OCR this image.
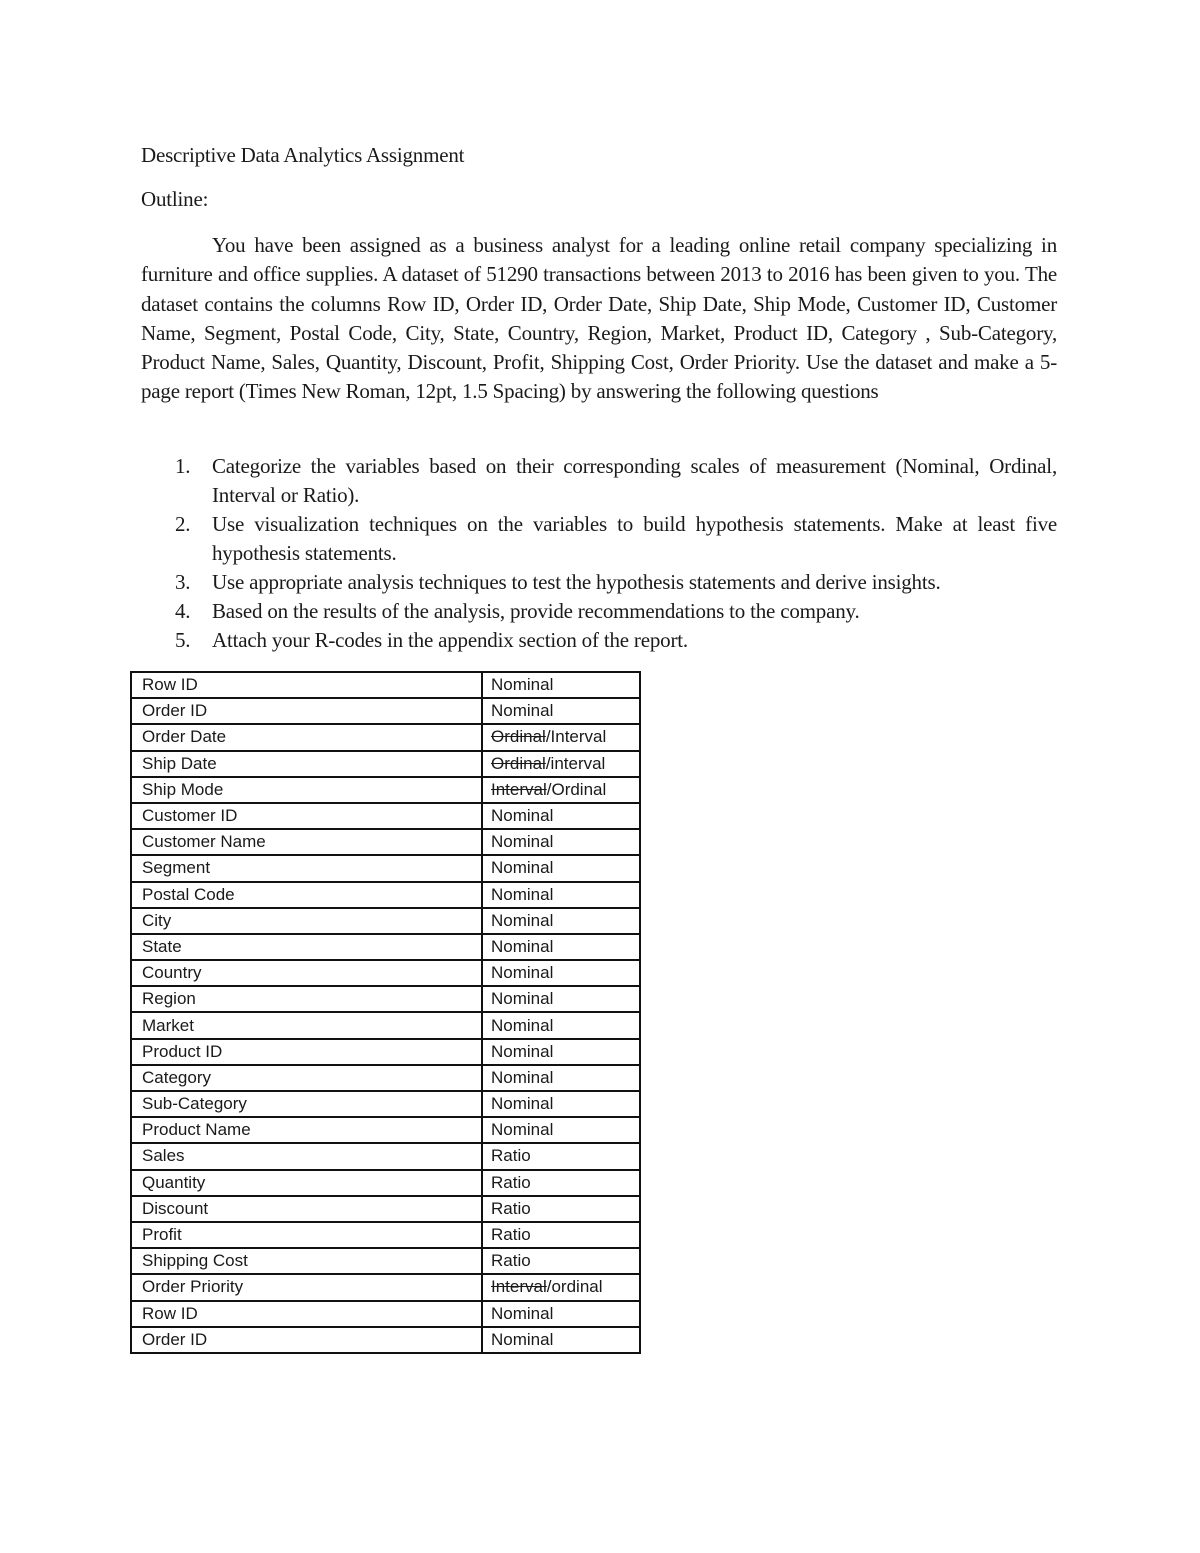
Descriptive Data Analytics Assignment

Outline:

You have been assigned as a business analyst for a leading online retail company specializing in furniture and office supplies. A dataset of 51290 transactions between 2013 to 2016 has been given to you. The dataset contains the columns Row ID, Order ID, Order Date, Ship Date, Ship Mode, Customer ID, Customer Name, Segment, Postal Code, City, State, Country, Region, Market, Product ID, Category , Sub-Category, Product Name, Sales, Quantity, Discount, Profit, Shipping Cost, Order Priority. Use the dataset and make a 5-page report (Times New Roman, 12pt, 1.5 Spacing) by answering the following questions

1. Categorize the variables based on their corresponding scales of measurement (Nominal, Ordinal, Interval or Ratio).
2. Use visualization techniques on the variables to build hypothesis statements. Make at least five hypothesis statements.
3. Use appropriate analysis techniques to test the hypothesis statements and derive insights.
4. Based on the results of the analysis, provide recommendations to the company.
5. Attach your R-codes in the appendix section of the report.
Row ID	Nominal
Order ID	Nominal
Order Date	Ordinal/Interval
Ship Date	Ordinal/interval
Ship Mode	Interval/Ordinal
Customer ID	Nominal
Customer Name	Nominal
Segment	Nominal
Postal Code	Nominal
City	Nominal
State	Nominal
Country	Nominal
Region	Nominal
Market	Nominal
Product ID	Nominal
Category	Nominal
Sub-Category	Nominal
Product Name	Nominal
Sales	Ratio
Quantity	Ratio
Discount	Ratio
Profit	Ratio
Shipping Cost	Ratio
Order Priority	Interval/ordinal
Row ID	Nominal
Order ID	Nominal
